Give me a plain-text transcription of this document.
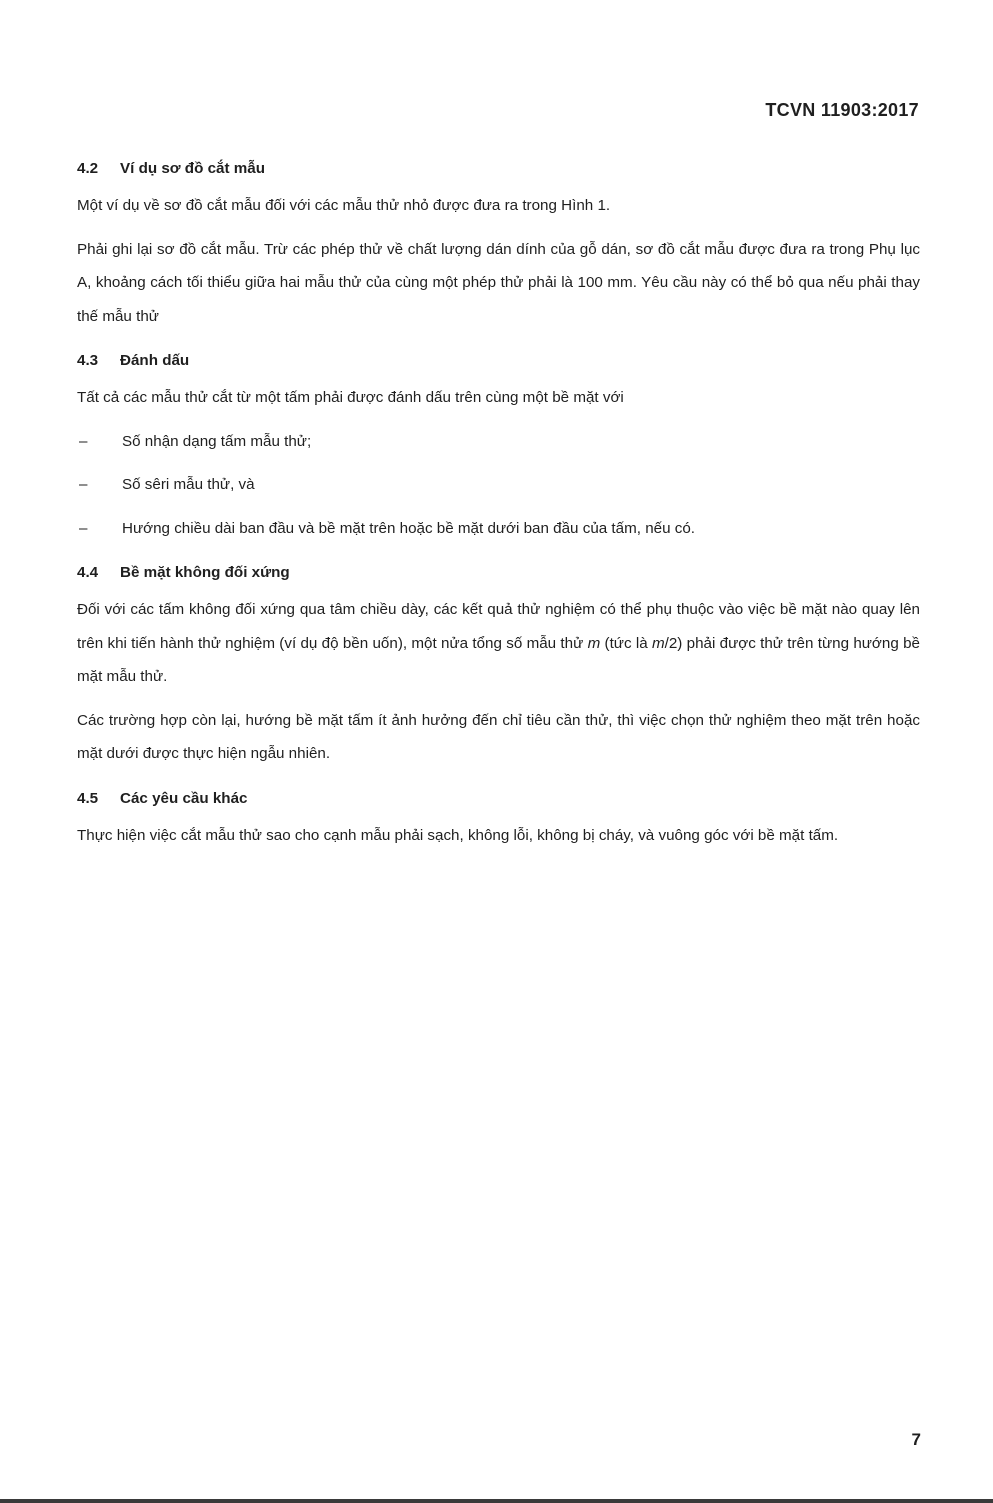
TCVN 11903:2017
4.2 Ví dụ sơ đồ cắt mẫu

Một ví dụ về sơ đồ cắt mẫu đối với các mẫu thử nhỏ được đưa ra trong Hình 1.

Phải ghi lại sơ đồ cắt mẫu. Trừ các phép thử về chất lượng dán dính của gỗ dán, sơ đồ cắt mẫu được đưa ra trong Phụ lục A, khoảng cách tối thiểu giữa hai mẫu thử của cùng một phép thử phải là 100 mm. Yêu cầu này có thể bỏ qua nếu phải thay thế mẫu thử

4.3 Đánh dấu

Tất cả các mẫu thử cắt từ một tấm phải được đánh dấu trên cùng một bề mặt với

– Số nhận dạng tấm mẫu thử;
– Số sêri mẫu thử, và
– Hướng chiều dài ban đầu và bề mặt trên hoặc bề mặt dưới ban đầu của tấm, nếu có.
4.4 Bề mặt không đối xứng

Đối với các tấm không đối xứng qua tâm chiều dày, các kết quả thử nghiệm có thể phụ thuộc vào việc bề mặt nào quay lên trên khi tiến hành thử nghiệm (ví dụ độ bền uốn), một nửa tổng số mẫu thử m (tức là m/2) phải được thử trên từng hướng bề mặt mẫu thử.

Các trường hợp còn lại, hướng bề mặt tấm ít ảnh hưởng đến chỉ tiêu cần thử, thì việc chọn thử nghiệm theo mặt trên hoặc mặt dưới được thực hiện ngẫu nhiên.

4.5 Các yêu cầu khác

Thực hiện việc cắt mẫu thử sao cho cạnh mẫu phải sạch, không lỗi, không bị cháy, và vuông góc với bề mặt tấm.

7
